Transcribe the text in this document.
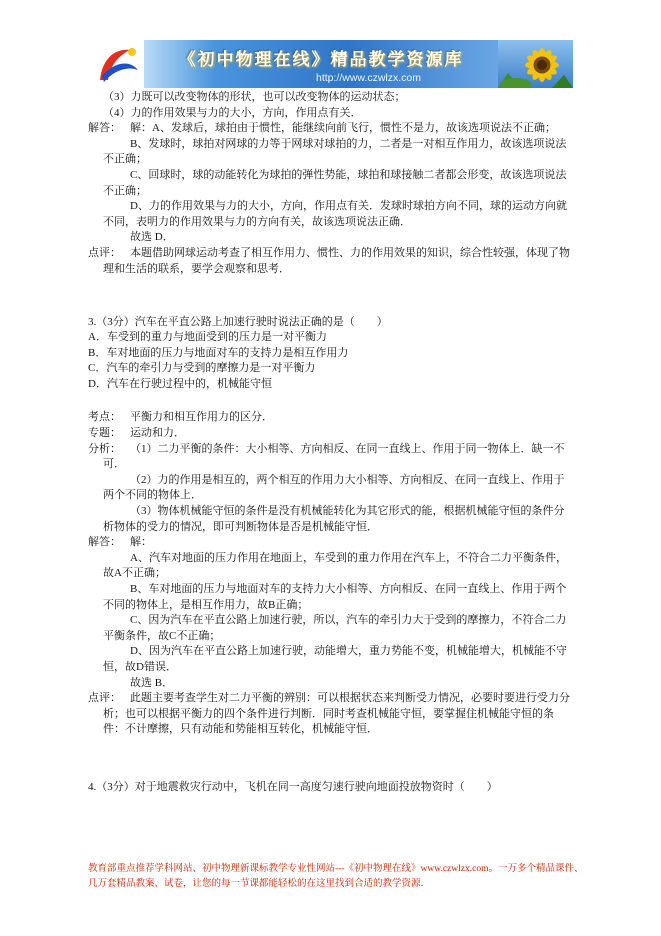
《初中物理在线》精品教学资源库
http://www.czwlzx.com
（3）力既可以改变物体的形状，也可以改变物体的运动状态；
（4）力的作用效果与力的大小，方向，作用点有关．
解答： 解：A、发球后，球拍由于惯性，能继续向前飞行，惯性不是力，故该选项说法不正确；
B、发球时，球拍对网球的力等于网球对球拍的力，二者是一对相互作用力，故该选项说法不正确；
C、回球时，球的动能转化为球拍的弹性势能，球拍和球接触二者都会形变，故该选项说法不正确；
D、力的作用效果与力的大小，方向，作用点有关．发球时球拍方向不同，球的运动方向就不同，表明力的作用效果与力的方向有关，故该选项说法正确．
故选 D．
点评： 本题借助网球运动考查了相互作用力、惯性、力的作用效果的知识，综合性较强，体现了物理和生活的联系，要学会观察和思考．
3.（3分）汽车在平直公路上加速行驶时说法正确的是（　　）
A．车受到的重力与地面受到的压力是一对平衡力
B．车对地面的压力与地面对车的支持力是相互作用力
C．汽车的牵引力与受到的摩擦力是一对平衡力
D．汽车在行驶过程中的，机械能守恒
考点： 平衡力和相互作用力的区分．
专题： 运动和力．
分析： （1）二力平衡的条件：大小相等、方向相反、在同一直线上、作用于同一物体上．缺一不可．
（2）力的作用是相互的，两个相互的作用力大小相等、方向相反、在同一直线上、作用于两个不同的物体上．
（3）物体机械能守恒的条件是没有机械能转化为其它形式的能，根据机械能守恒的条件分析物体的受力的情况，即可判断物体是否是机械能守恒．
解答： 解：
A、汽车对地面的压力作用在地面上，车受到的重力作用在汽车上，不符合二力平衡条件，故A不正确；
B、车对地面的压力与地面对车的支持力大小相等、方向相反、在同一直线上、作用于两个不同的物体上，是相互作用力，故B正确；
C、因为汽车在平直公路上加速行驶，所以，汽车的牵引力大于受到的摩擦力，不符合二力平衡条件，故C不正确；
D、因为汽车在平直公路上加速行驶，动能增大，重力势能不变，机械能增大，机械能不守恒，故D错误．
故选 B．
点评： 此题主要考查学生对二力平衡的辨别：可以根据状态来判断受力情况，必要时要进行受力分析；也可以根据平衡力的四个条件进行判断．同时考查机械能守恒，要掌握住机械能守恒的条件：不计摩擦，只有动能和势能相互转化，机械能守恒．
4.（3分）对于地震救灾行动中，飞机在同一高度匀速行驶向地面投放物资时（　　）
教育部重点推荐学科网站、初中物理新课标教学专业性网站---《初中物理在线》www.czwlzx.com。一万多个精品课件、
几万套精品教案、试卷，让您的每一节课都能轻松的在这里找到合适的教学资源．
